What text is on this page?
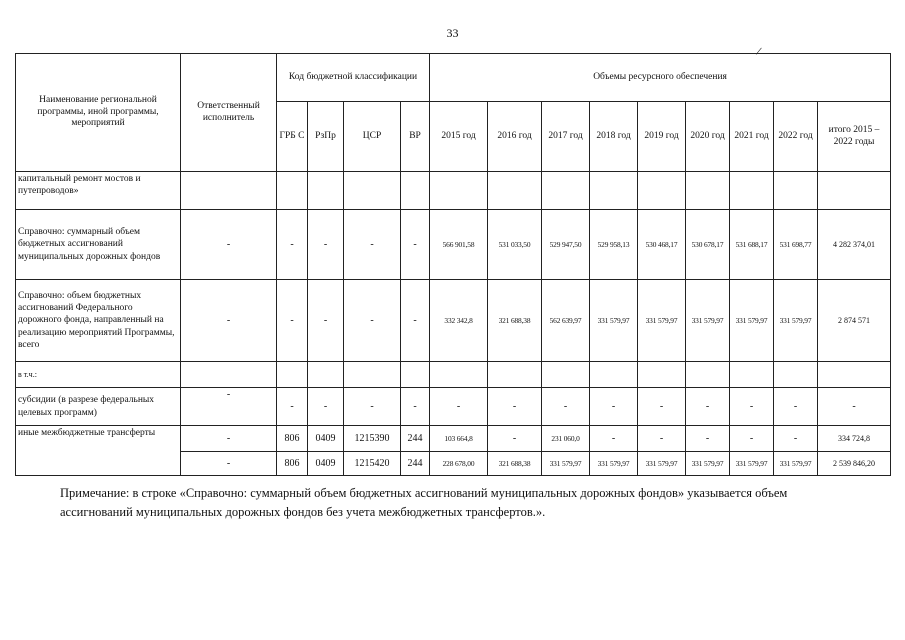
33
/
Наименование региональной программы, иной программы, мероприятий	Ответственный исполнитель	Код бюджетной классификации				Объемы ресурсного обеспечения								
		ГРБ С	РзПр	ЦСР	ВР	2015 год	2016 год	2017 год	2018 год	2019 год	2020 год	2021 год	2022 год	итого 2015 – 2022 годы
капитальный ремонт мостов и путепроводов»														
Справочно: суммарный объем бюджетных ассигнований муниципальных дорожных фондов	-	-	-	-	-	566 901,58	531 033,50	529 947,50	529 958,13	530 468,17	530 678,17	531 688,17	531 698,77	4 282 374,01
Справочно: объем бюджетных ассигнований Федерального дорожного фонда, направленный на реализацию мероприятий Программы, всего	-	-	-	-	-	332 342,8	321 688,38	562 639,97	331 579,97	331 579,97	331 579,97	331 579,97	331 579,97	2 874 571
в т.ч.:														
субсидии (в разрезе федеральных целевых программ)	-	-	-	-	-	-	-	-	-	-	-	-	-	-
иные межбюджетные трансферты	-	806	0409	1215390	244	103 664,8	-	231 060,0	-	-	-	-	-	334 724,8
	-	806	0409	1215420	244	228 678,00	321 688,38	331 579,97	331 579,97	331 579,97	331 579,97	331 579,97	331 579,97	2 539 846,20
Примечание: в строке «Справочно: суммарный объем бюджетных ассигнований муниципальных дорожных фондов» указывается объем ассигнований муниципальных дорожных фондов без учета межбюджетных трансфертов.».
